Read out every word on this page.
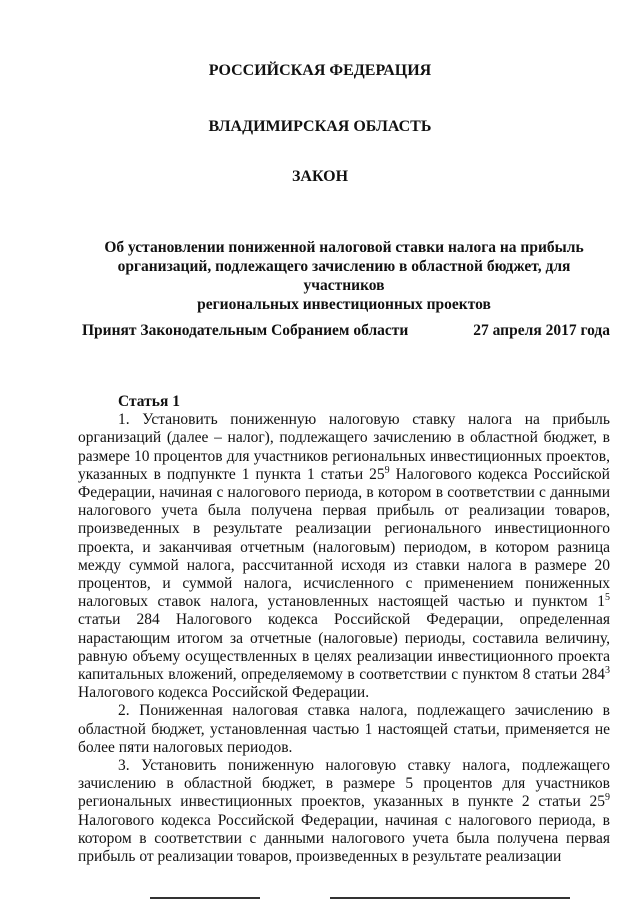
РОССИЙСКАЯ ФЕДЕРАЦИЯ
ВЛАДИМИРСКАЯ ОБЛАСТЬ
ЗАКОН
Об установлении пониженной налоговой ставки налога на прибыль
организаций, подлежащего зачислению в областной бюджет, для участников
региональных инвестиционных проектов
Принят Законодательным Собранием области	27 апреля 2017 года

Статья 1

1. Установить пониженную налоговую ставку налога на прибыль организаций (далее – налог), подлежащего зачислению в областной бюджет, в размере 10 процентов для участников региональных инвестиционных проектов, указанных в подпункте 1 пункта 1 статьи $25^9$ Налогового кодекса Российской Федерации, начиная с налогового периода, в котором в соответствии с данными налогового учета была получена первая прибыль от реализации товаров, произведенных в результате реализации регионального инвестиционного проекта, и заканчивая отчетным (налоговым) периодом, в котором разница между суммой налога, рассчитанной исходя из ставки налога в размере 20 процентов, и суммой налога, исчисленного с применением пониженных налоговых ставок налога, установленных настоящей частью и пунктом $1^5$ статьи 284 Налогового кодекса Российской Федерации, определенная нарастающим итогом за отчетные (налоговые) периоды, составила величину, равную объему осуществленных в целях реализации инвестиционного проекта капитальных вложений, определяемому в соответствии с пунктом 8 статьи $284^3$ Налогового кодекса Российской Федерации.

2. Пониженная налоговая ставка налога, подлежащего зачислению в областной бюджет, установленная частью 1 настоящей статьи, применяется не более пяти налоговых периодов.

3. Установить пониженную налоговую ставку налога, подлежащего зачислению в областной бюджет, в размере 5 процентов для участников региональных инвестиционных проектов, указанных в пункте 2 статьи $25^9$ Налогового кодекса Российской Федерации, начиная с налогового периода, в котором в соответствии с данными налогового учета была получена первая прибыль от реализации товаров, произведенных в результате реализации
